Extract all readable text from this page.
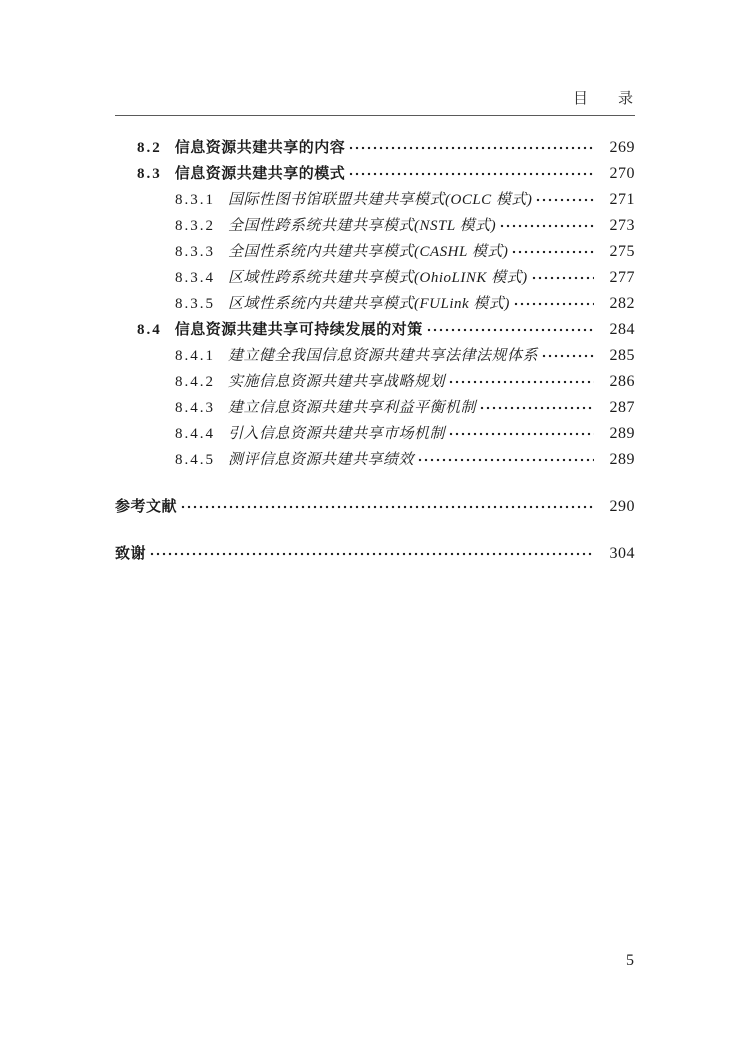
目　　录
8.2 信息资源共建共享的内容	269
8.3 信息资源共建共享的模式	270
8.3.1 国际性图书馆联盟共建共享模式(OCLC 模式)	271
8.3.2 全国性跨系统共建共享模式(NSTL 模式)	273
8.3.3 全国性系统内共建共享模式(CASHL 模式)	275
8.3.4 区域性跨系统共建共享模式(OhioLINK 模式)	277
8.3.5 区域性系统内共建共享模式(FULink 模式)	282
8.4 信息资源共建共享可持续发展的对策	284
8.4.1 建立健全我国信息资源共建共享法律法规体系	285
8.4.2 实施信息资源共建共享战略规划	286
8.4.3 建立信息资源共建共享利益平衡机制	287
8.4.4 引入信息资源共建共享市场机制	289
8.4.5 测评信息资源共建共享绩效	289
参考文献	290
致谢	304
5
